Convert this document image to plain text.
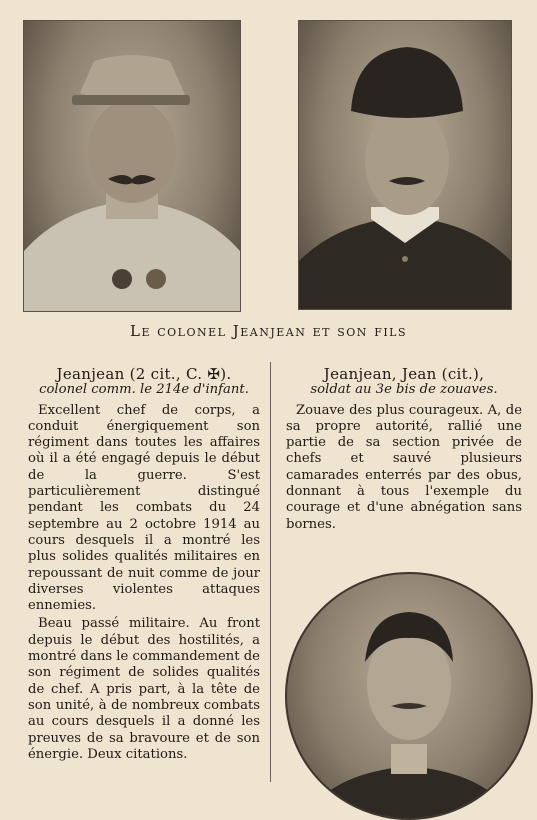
Le colonel Jeanjean et son fils

Jeanjean (2 cit., C. ✠).

colonel comm. le 214e d'infant.

Excellent chef de corps, a conduit énergiquement son régiment dans toutes les affaires où il a été engagé depuis le début de la guerre. S'est particulièrement distingué pendant les combats du 24 septembre au 2 octobre 1914 au cours desquels il a montré les plus solides qualités militaires en repoussant de nuit comme de jour diverses violentes attaques ennemies.

Beau passé militaire. Au front depuis le début des hostilités, a montré dans le commandement de son régiment de solides qualités de chef. A pris part, à la tête de son unité, à de nombreux combats au cours desquels il a donné les preuves de sa bravoure et de son énergie. Deux citations.

Jeanjean, Jean (cit.),

soldat au 3e bis de zouaves.

Zouave des plus courageux. A, de sa propre autorité, rallié une partie de sa section privée de chefs et sauvé plusieurs camarades enterrés par des obus, donnant à tous l'exemple du courage et d'une abnégation sans bornes.
